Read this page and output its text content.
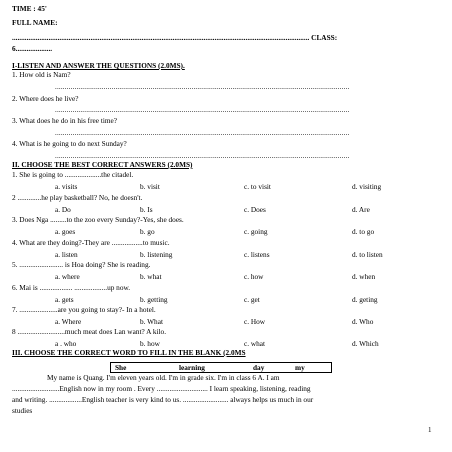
TIME : 45'
FULL NAME:
................................................................................................................................................................... CLASS:
6....................
I-LISTEN AND ANSWER THE QUESTIONS (2.0MS).
1. How old is Nam?
.......................................................................................................................................................
2. Where does he live?
.......................................................................................................................................................
3. What does he do in his free time?
.......................................................................................................................................................
4. What is he going to do next Sunday?
.......................................................................................................................................................
II. CHOOSE THE BEST CORRECT ANSWERS (2.0MS)
1. She is going to ....................the citadel.
a. visits	b. visit	c. to visit	d. visiting
2 .............he play basketball? No, he doesn't.
a. Do	b. Is	c. Does	d. Are
3. Does Nga .........to the zoo every Sunday?-Yes, she does.
a. goes	b. go	c. going	d. to go
4. What are they doing?-They are .................to music.
a. listen	b. listening	c. listens	d. to listen
5. ........................ is Hoa doing? She is reading.
a. where	b. what	c. how	d. when
6. Mai is .................. ..................up now.
a. gets	b. getting	c. get	d. geting
7. .....................are you going to stay?- In a hotel.
a. Where	b. What	c. How	d. Who
8 ..........................much meat does Lan want? A kilo.
a . who	b. how	c. what	d. Which
III. CHOOSE THE CORRECT WORD TO FILL IN THE BLANK (2.0MS
She	learning	day	my
My name is Quang. I'm eleven years old. I'm in grade six. I'm in class 6 A. I am
..........................English now in my room . Every ............................ I learn speaking, listening, reading
and writing. ..................English teacher is very kind to us. ......................... always helps us much in our
studies
1
